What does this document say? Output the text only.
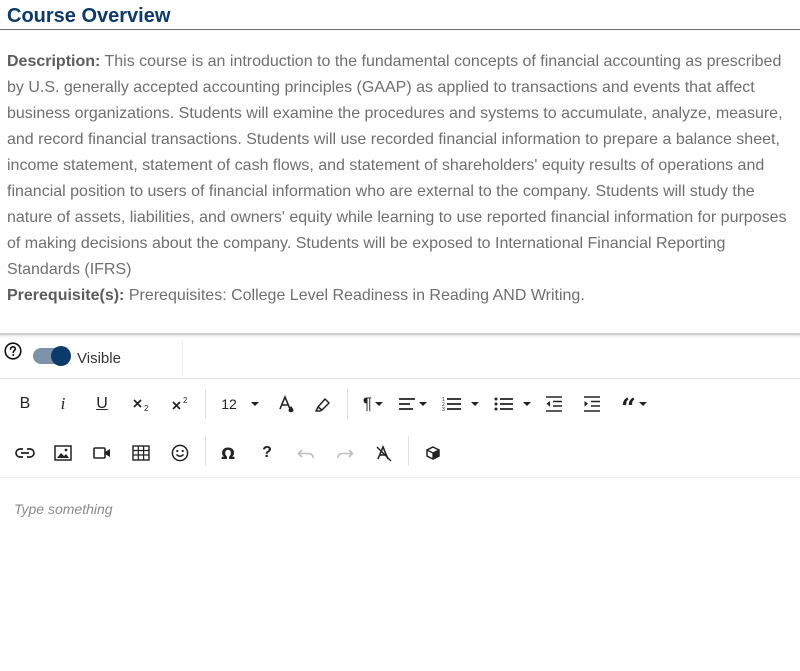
Course Overview
Description: This course is an introduction to the fundamental concepts of financial accounting as prescribed by U.S. generally accepted accounting principles (GAAP) as applied to transactions and events that affect business organizations. Students will examine the procedures and systems to accumulate, analyze, measure, and record financial transactions. Students will use recorded financial information to prepare a balance sheet, income statement, statement of cash flows, and statement of shareholders' equity results of operations and financial position to users of financial information who are external to the company. Students will study the nature of assets, liabilities, and owners' equity while learning to use reported financial information for purposes of making decisions about the company. Students will be exposed to International Financial Reporting Standards (IFRS)
Prerequisite(s): Prerequisites: College Level Readiness in Reading AND Writing.
Visible
B i U	2
2 12	¶	1
2
3	“
Ω ?
Type something
